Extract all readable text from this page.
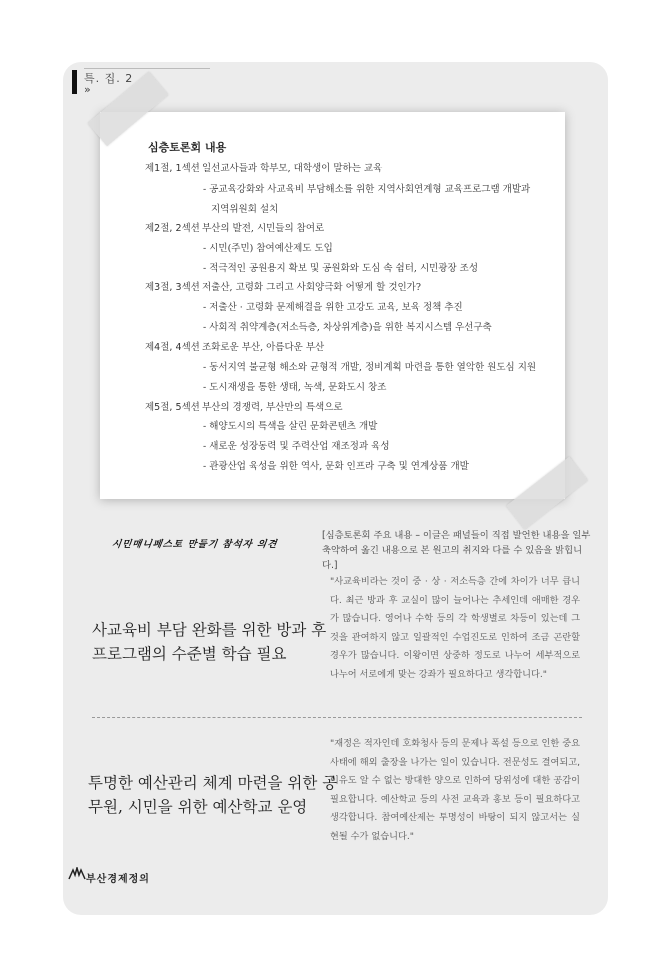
특. 집. 2
»
심층토론회 내용
제1절, 1섹션 일선교사들과 학부모, 대학생이 말하는 교육
- 공교육강화와 사교육비 부담해소를 위한 지역사회연계형 교육프로그램 개발과
지역위원회 설치
제2절, 2섹션 부산의 발전, 시민들의 참여로
- 시민(주민) 참여예산제도 도입
- 적극적인 공원용지 확보 및 공원화와 도심 속 쉼터, 시민광장 조성
제3절, 3섹션 저출산, 고령화 그리고 사회양극화 어떻게 할 것인가?
- 저출산 · 고령화 문제해결을 위한 고강도 교육, 보육 정책 추진
- 사회적 취약계층(저소득층, 차상위계층)을 위한 복지시스템 우선구축
제4절, 4섹션 조화로운 부산, 아름다운 부산
- 동서지역 불균형 해소와 균형적 개발, 정비계획 마련을 통한 열악한 원도심 지원
- 도시재생을 통한 생태, 녹색, 문화도시 창조
제5절, 5섹션 부산의 경쟁력, 부산만의 특색으로
- 해양도시의 특색을 살린 문화콘텐츠 개발
- 새로운 성장동력 및 주력산업 재조정과 육성
- 관광산업 육성을 위한 역사, 문화 인프라 구축 및 연계상품 개발
시민매니페스토 만들기 참석자 의견
[심층토론회 주요 내용 – 이글은 패널들이 직접 발언한 내용을 일부 축약하여 옮긴 내용으로 본 원고의 취지와 다를 수 있음을 밝힙니다.]
"사교육비라는 것이 중 · 상 · 저소득층 간에 차이가 너무 큽니다. 최근 방과 후 교실이 많이 늘어나는 추세인데 애매한 경우가 많습니다. 영어나 수학 등의 각 학생별로 차등이 있는데 그것을 관여하지 않고 일괄적인 수업진도로 인하여 조금 곤란할 경우가 많습니다. 이왕이면 상중하 정도로 나누어 세부적으로 나누어 서로에게 맞는 강좌가 필요하다고 생각합니다."
사교육비 부담 완화를 위한 방과 후 프로그램의 수준별 학습 필요
"재정은 적자인데 호화청사 등의 문제나 폭설 등으로 인한 중요사태에 해외 출장을 나가는 일이 있습니다. 전문성도 결여되고, 이유도 알 수 없는 방대한 양으로 인하여 당위성에 대한 공감이 필요합니다. 예산학교 등의 사전 교육과 홍보 등이 필요하다고 생각합니다. 참여예산제는 투명성이 바탕이 되지 않고서는 실현될 수가 없습니다."
투명한 예산관리 체계 마련을 위한 공무원, 시민을 위한 예산학교 운영
부산경제정의
